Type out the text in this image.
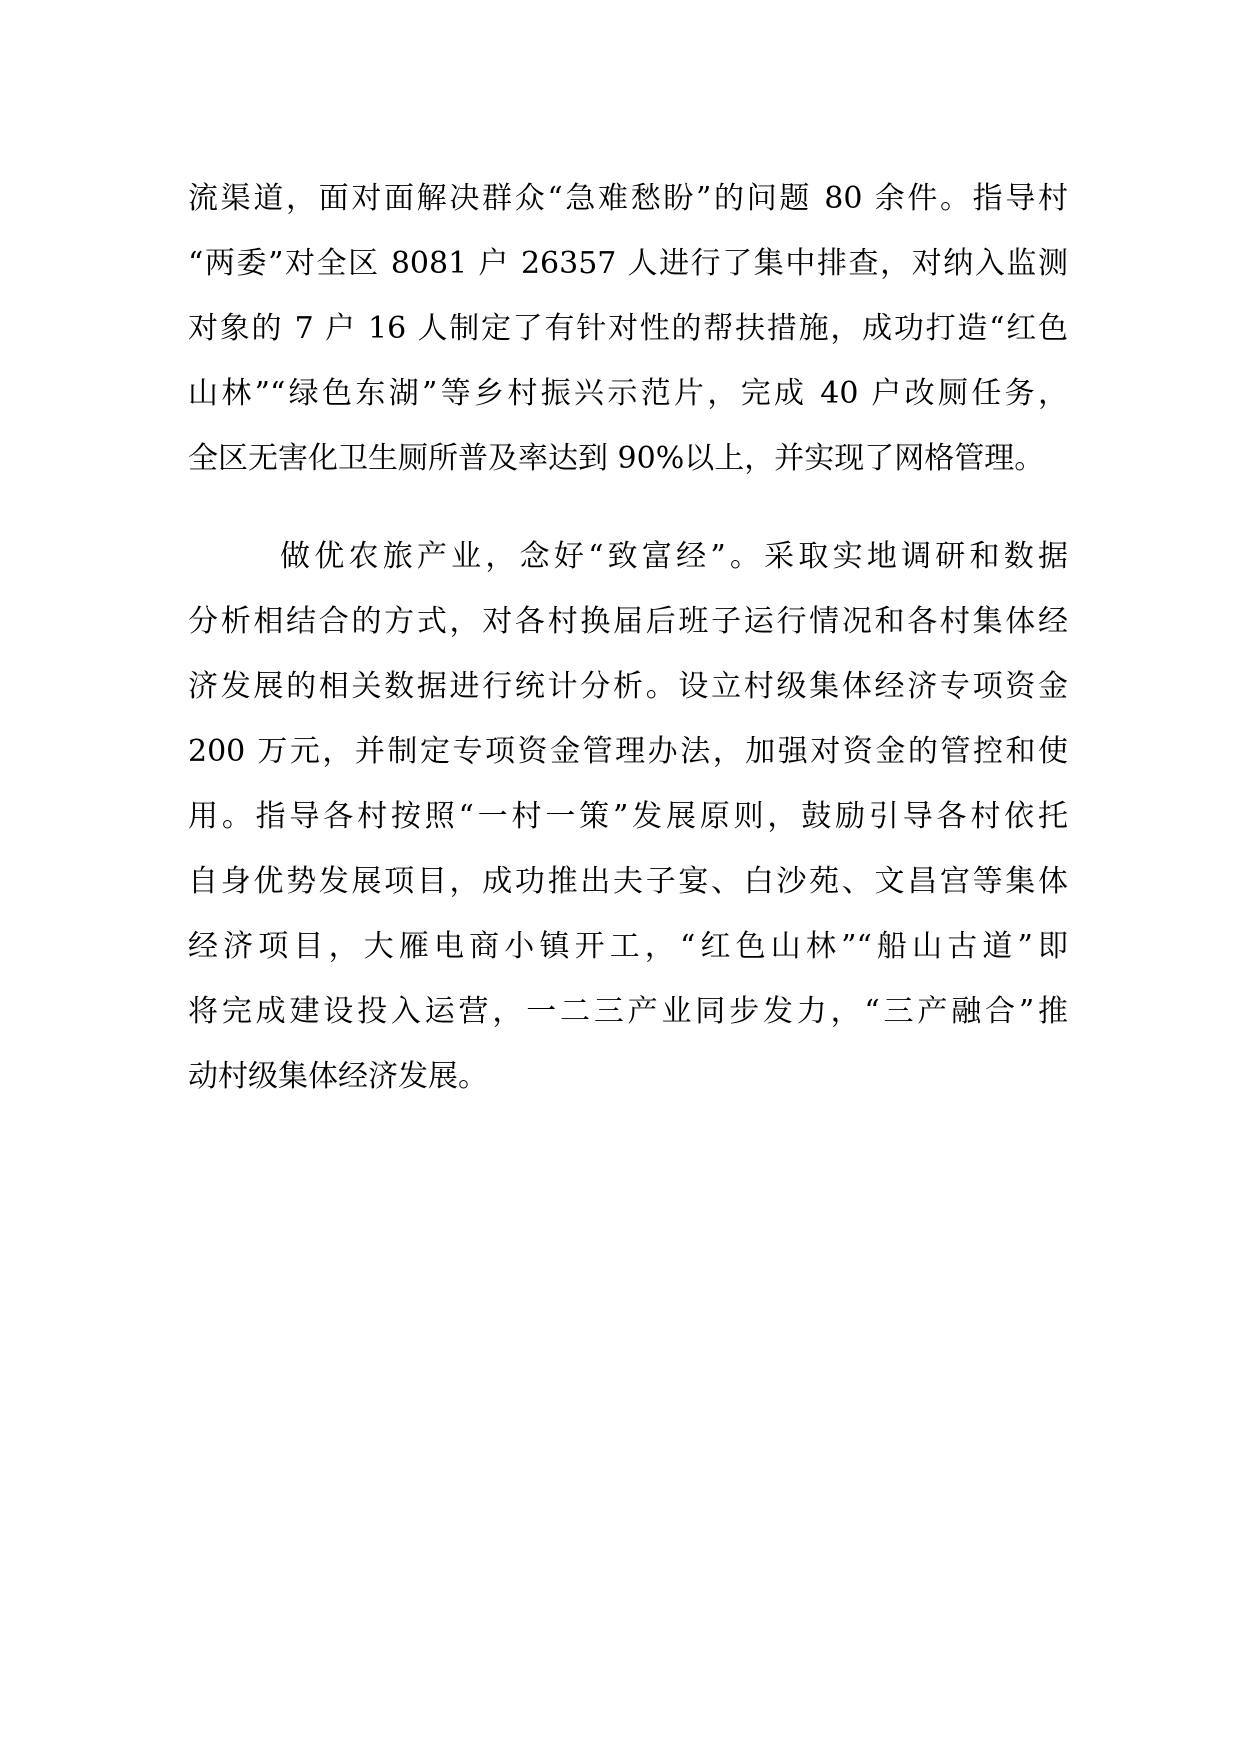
流渠道，面对面解决群众“急难愁盼”的问题 80 余件。指导村
“两委”对全区 8081 户 26357 人进行了集中排查，对纳入监测
对象的 7 户 16 人制定了有针对性的帮扶措施，成功打造“红色
山林”“绿色东湖”等乡村振兴示范片，完成 40 户改厕任务，
全区无害化卫生厕所普及率达到 90%以上，并实现了网格管理。
做优农旅产业，念好“致富经”。采取实地调研和数据
分析相结合的方式，对各村换届后班子运行情况和各村集体经
济发展的相关数据进行统计分析。设立村级集体经济专项资金
200 万元，并制定专项资金管理办法，加强对资金的管控和使
用。指导各村按照“一村一策”发展原则，鼓励引导各村依托
自身优势发展项目，成功推出夫子宴、白沙苑、文昌宫等集体
经济项目，大雁电商小镇开工，“红色山林”“船山古道”即
将完成建设投入运营，一二三产业同步发力，“三产融合”推
动村级集体经济发展。
